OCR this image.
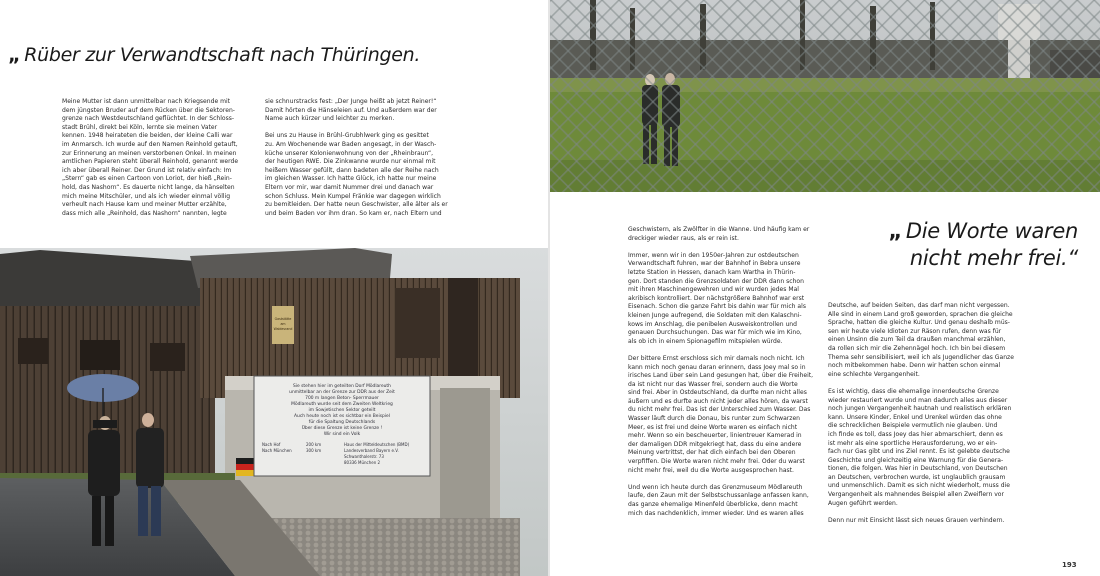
„ Rüber zur Verwandtschaft nach Thüringen.

Meine Mutter ist dann unmittelbar nach Kriegsende mit
dem jüngsten Bruder auf dem Rücken über die Sektoren-
grenze nach Westdeutschland geflüchtet. In der Schloss-
stadt Brühl, direkt bei Köln, lernte sie meinen Vater
kennen. 1948 heirateten die beiden, der kleine Calli war
im Anmarsch. Ich wurde auf den Namen Reinhold getauft,
zur Erinnerung an meinen verstorbenen Onkel. In meinen
amtlichen Papieren steht überall Reinhold, genannt werde
ich aber überall Reiner. Der Grund ist relativ einfach: Im
„Stern“ gab es einen Cartoon von Loriot, der hieß „Rein-
hold, das Nashorn“. Es dauerte nicht lange, da hänselten
mich meine Mitschüler, und als ich wieder einmal völlig
verheult nach Hause kam und meiner Mutter erzählte,
dass mich alle „Reinhold, das Nashorn“ nannten, legte

sie schnurstracks fest: „Der Junge heißt ab jetzt Reiner!“
Damit hörten die Hänseleien auf. Und außerdem war der
Name auch kürzer und leichter zu merken.

Bei uns zu Hause in Brühl-Grubhlwerk ging es gesittet
zu. Am Wochenende war Baden angesagt, in der Wasch-
küche unserer Kolonienwohnung von der „Rheinbraun“,
der heutigen RWE. Die Zinkwanne wurde nur einmal mit
heißem Wasser gefüllt, dann badeten alle der Reihe nach
im gleichen Wasser. Ich hatte Glück, ich hatte nur meine
Eltern vor mir, war damit Nummer drei und danach war
schon Schluss. Mein Kumpel Fränkie war dagegen wirklich
zu bemitleiden. Der hatte neun Geschwister, alle älter als er
und beim Baden vor ihm dran. So kam er, nach Eltern und

Gaststätte
am
Waldesrand
Sie stehen hier im geteilten Dorf Mödlareuth
unmittelbar an der Grenze zur DDR aus der Zeit
700 m langen Beton- Sperrmauer
Mödlareuth wurde seit dem Zweiten Weltkrieg
im Sowjetischen Sektor geteilt
Auch heute noch ist es sichtbar ein Beispiel
für die Spaltung Deutschlands
Über diese Grenze ist keine Grenze !
Wir sind ein Volk
Nach Hof
Nach München
200 km
300 km
Haus der Mitteldeutschen (BMD)
Landesverband Bayern e.V.
Schwanthalerstr. 73
80336 München 2

Geschwistern, als Zwölfter in die Wanne. Und häufig kam er
dreckiger wieder raus, als er rein ist.

Immer, wenn wir in den 1950er-Jahren zur ostdeutschen
Verwandtschaft fuhren, war der Bahnhof in Bebra unsere
letzte Station in Hessen, danach kam Wartha in Thürin-
gen. Dort standen die Grenzsoldaten der DDR dann schon
mit ihren Maschinengewehren und wir wurden jedes Mal
akribisch kontrolliert. Der nächstgrößere Bahnhof war erst
Eisenach. Schon die ganze Fahrt bis dahin war für mich als
kleinen Junge aufregend, die Soldaten mit den Kalaschni-
kows im Anschlag, die penibelen Ausweiskontrollen und
genauen Durchsuchungen. Das war für mich wie im Kino,
als ob ich in einem Spionagefilm mitspielen würde.

Der bittere Ernst erschloss sich mir damals noch nicht. Ich
kann mich noch genau daran erinnern, dass Joey mal so in
irisches Land über sein Land gesungen hat, über die Freiheit,
da ist nicht nur das Wasser frei, sondern auch die Worte
sind frei. Aber in Ostdeutschland, da durfte man nicht alles
äußern und es durfte auch nicht jeder alles hören, da warst
du nicht mehr frei. Das ist der Unterschied zum Wasser. Das
Wasser läuft durch die Donau, bis runter zum Schwarzen
Meer, es ist frei und deine Worte waren es einfach nicht
mehr. Wenn so ein bescheuerter, linientreuer Kamerad in
der damaligen DDR mitgekriegt hat, dass du eine andere
Meinung vertrittst, der hat dich einfach bei den Oberen
verpfiffen. Die Worte waren nicht mehr frei. Oder du warst
nicht mehr frei, weil du die Worte ausgesprochen hast.

Und wenn ich heute durch das Grenzmuseum Mödlareuth
laufe, den Zaun mit der Selbstschussanlage anfassen kann,
das ganze ehemalige Minenfeld überblicke, denn macht
mich das nachdenklich, immer wieder. Und es waren alles

„ Die Worte waren
nicht mehr frei.“

Deutsche, auf beiden Seiten, das darf man nicht vergessen.
Alle sind in einem Land groß geworden, sprachen die gleiche
Sprache, hatten die gleiche Kultur. Und genau deshalb müs-
sen wir heute viele Idioten zur Räson rufen, denn was für
einen Unsinn die zum Teil da draußen manchmal erzählen,
da rollen sich mir die Zehennägel hoch. Ich bin bei diesem
Thema sehr sensibilisiert, weil ich als Jugendlicher das Ganze
noch mitbekommen habe. Denn wir hatten schon einmal
eine schlechte Vergangenheit.

Es ist wichtig, dass die ehemalige innerdeutsche Grenze
wieder restauriert wurde und man dadurch alles aus dieser
noch jungen Vergangenheit hautnah und realistisch erklären
kann. Unsere Kinder, Enkel und Urenkel würden das ohne
die schrecklichen Beispiele vermutlich nie glauben. Und
ich finde es toll, dass Joey das hier abmarschiert, denn es
ist mehr als eine sportliche Herausforderung, wo er ein-
fach nur Gas gibt und ins Ziel rennt. Es ist gelebte deutsche
Geschichte und gleichzeitig eine Warnung für die Genera-
tionen, die folgen. Was hier in Deutschland, von Deutschen
an Deutschen, verbrochen wurde, ist unglaublich grausam
und unmenschlich. Damit es sich nicht wiederholt, muss die
Vergangenheit als mahnendes Beispiel allen Zweiflern vor
Augen geführt werden.

Denn nur mit Einsicht lässt sich neues Grauen verhindern.

193
